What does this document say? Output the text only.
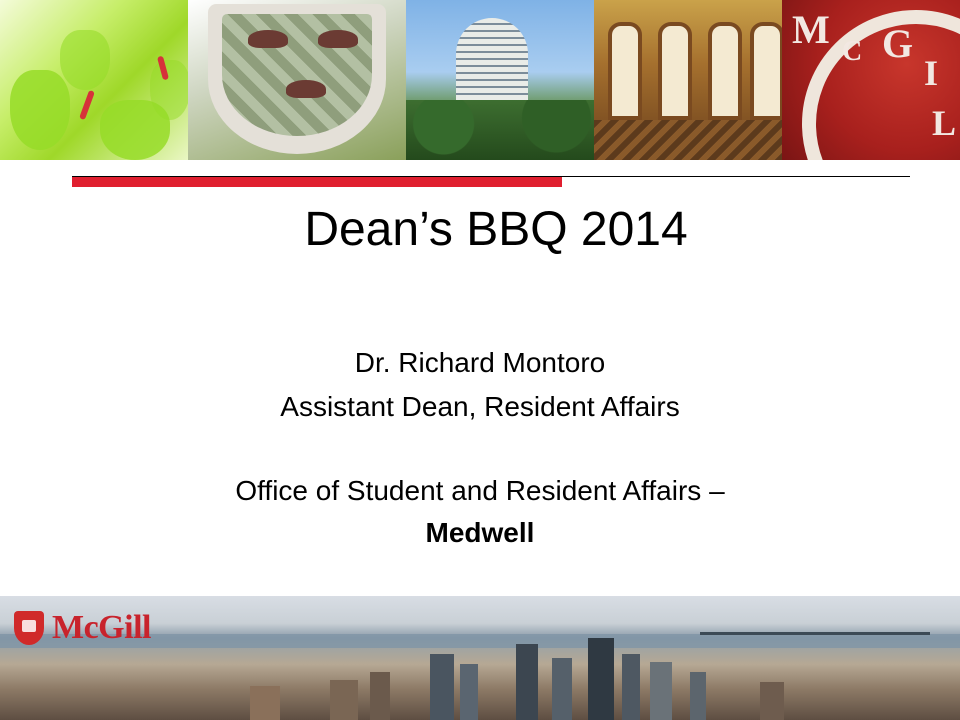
M C G
I
L
Dean’s BBQ 2014
Dr. Richard Montoro
Assistant Dean, Resident Affairs
Office of Student and Resident Affairs –
Medwell
McGill
